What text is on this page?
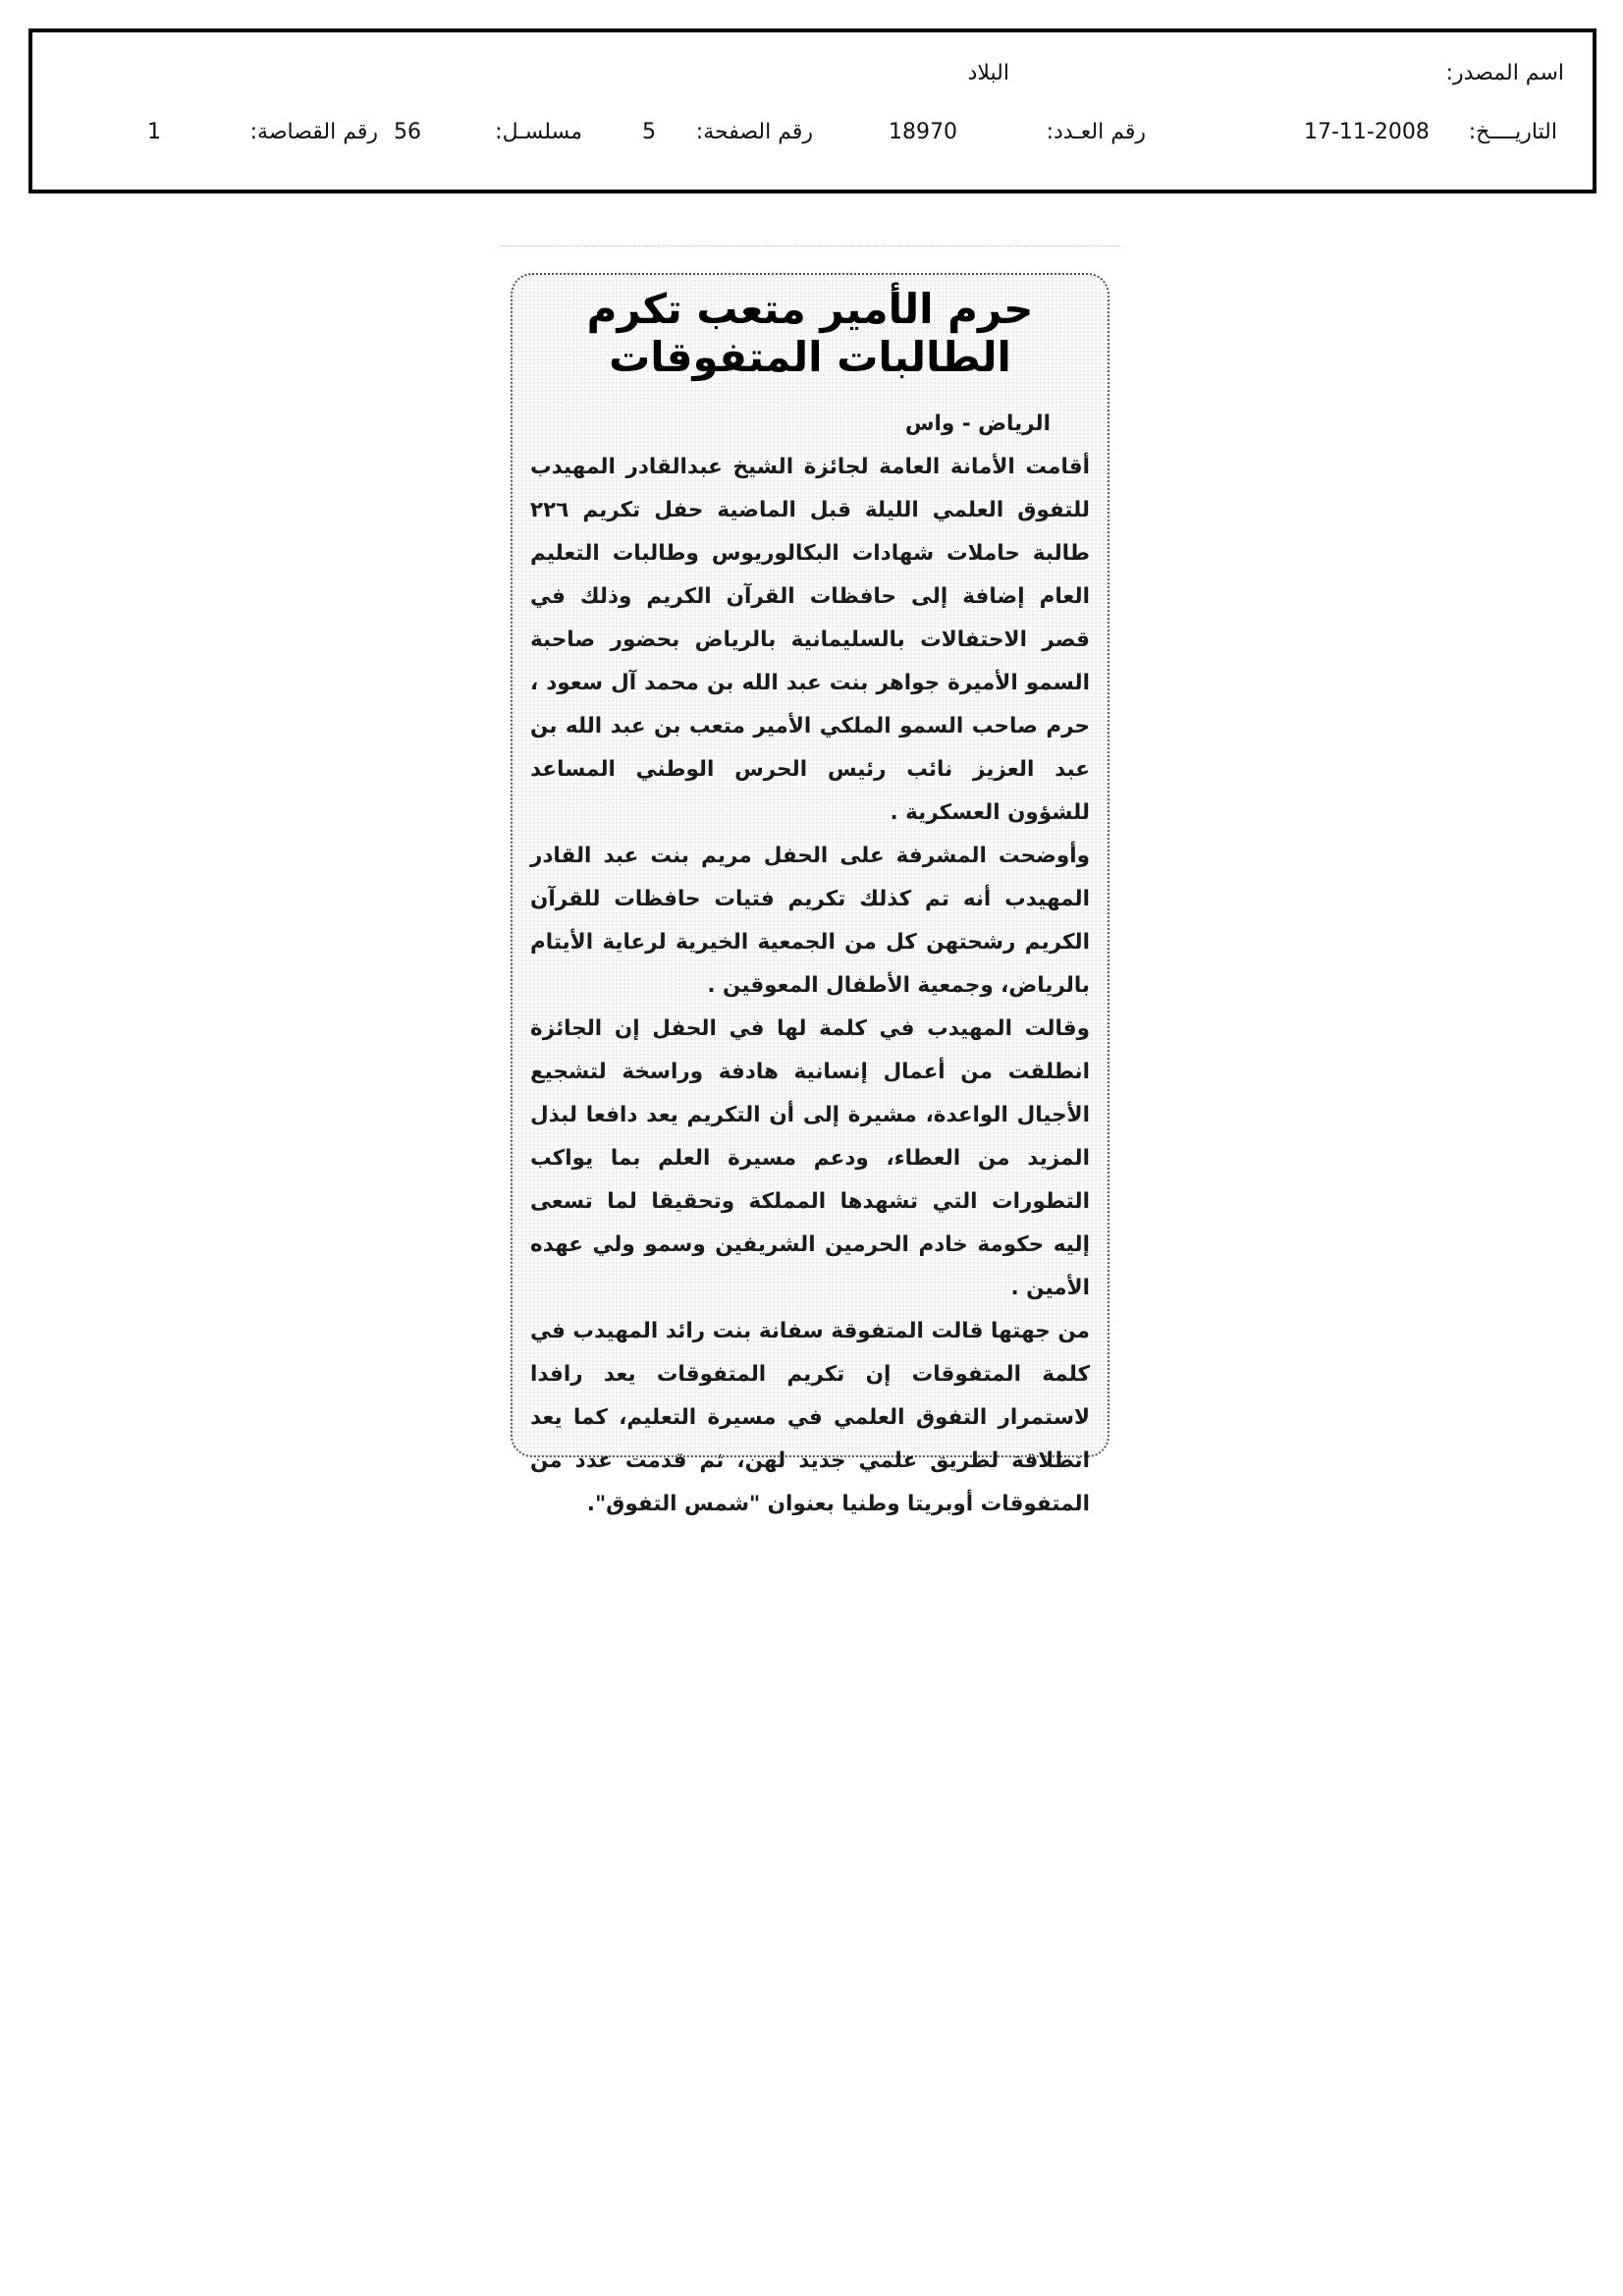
اسم المصدر:
البلاد
التاريــــخ:
17-11-2008
رقم العـدد:
18970
رقم الصفحة:
5
مسلسـل:
56
رقم القصاصة:
1
حرم الأمير متعب تكرم الطالبات المتفوقات

الرياض - واس

أقامت الأمانة العامة لجائزة الشيخ عبدالقادر المهيدب للتفوق العلمي الليلة قبل الماضية حفل تكريم ٢٢٦ طالبة حاملات شهادات البكالوريوس وطالبات التعليم العام إضافة إلى حافظات القرآن الكريم وذلك في قصر الاحتفالات بالسليمانية بالرياض بحضور صاحبة السمو الأميرة جواهر بنت عبد الله بن محمد آل سعود ، حرم صاحب السمو الملكي الأمير متعب بن عبد الله بن عبد العزيز نائب رئيس الحرس الوطني المساعد للشؤون العسكرية .

وأوضحت المشرفة على الحفل مريم بنت عبد القادر المهيدب أنه تم كذلك تكريم فتيات حافظات للقرآن الكريم رشحتهن كل من الجمعية الخيرية لرعاية الأيتام بالرياض، وجمعية الأطفال المعوقين .

وقالت المهيدب في كلمة لها في الحفل إن الجائزة انطلقت من أعمال إنسانية هادفة وراسخة لتشجيع الأجيال الواعدة، مشيرة إلى أن التكريم يعد دافعا لبذل المزيد من العطاء، ودعم مسيرة العلم بما يواكب التطورات التي تشهدها المملكة وتحقيقا لما تسعى إليه حكومة خادم الحرمين الشريفين وسمو ولي عهده الأمين .

من جهتها قالت المتفوقة سفانة بنت رائد المهيدب في كلمة المتفوقات إن تكريم المتفوقات يعد رافدا لاستمرار التفوق العلمي في مسيرة التعليم، كما يعد انطلاقة لطريق علمي جديد لهن، ثم قدمت عدد من المتفوقات أوبريتا وطنيا بعنوان "شمس التفوق".
